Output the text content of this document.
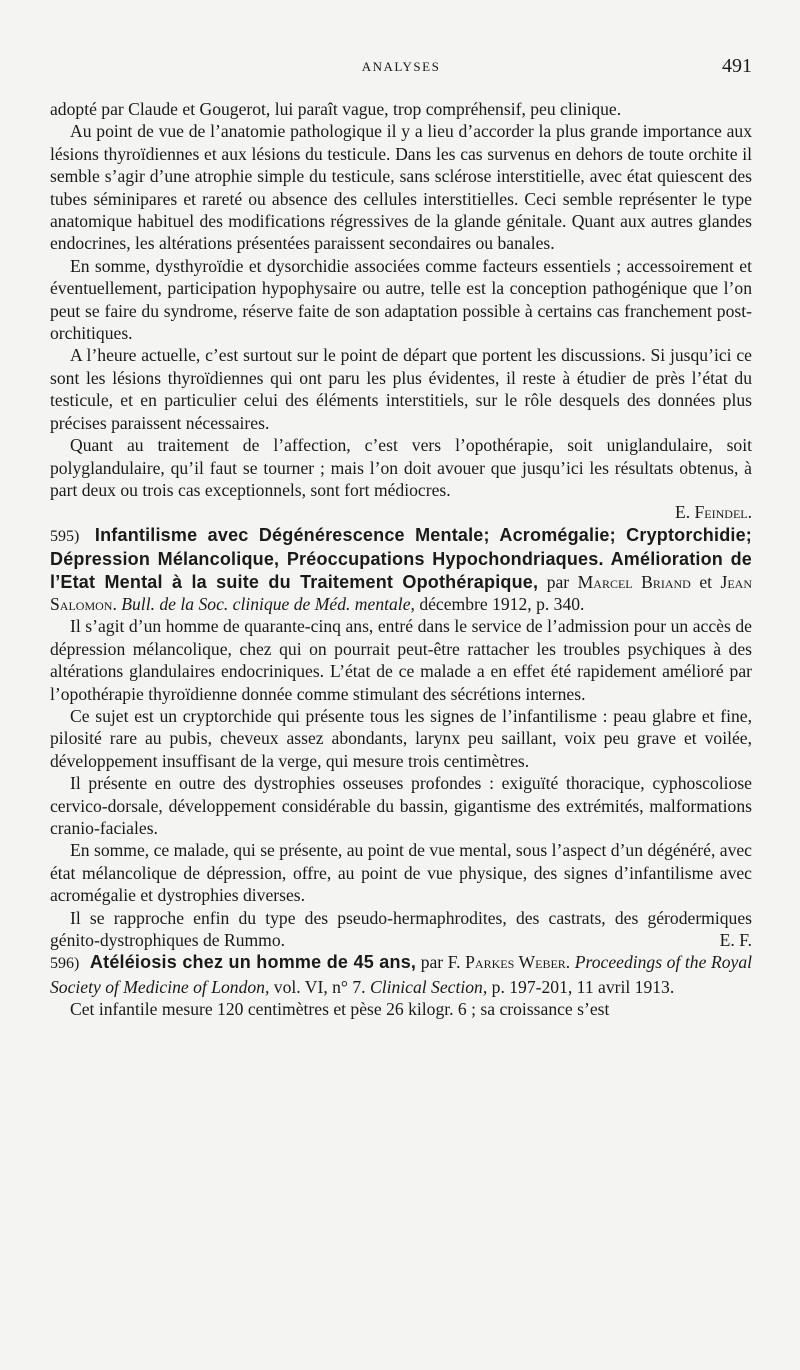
ANALYSES	491

adopté par Claude et Gougerot, lui paraît vague, trop compréhensif, peu clinique.

Au point de vue de l’anatomie pathologique il y a lieu d’accorder la plus grande importance aux lésions thyroïdiennes et aux lésions du testicule. Dans les cas survenus en dehors de toute orchite il semble s’agir d’une atrophie simple du testicule, sans sclérose interstitielle, avec état quiescent des tubes séminipares et rareté ou absence des cellules interstitielles. Ceci semble représenter le type anatomique habituel des modifications régressives de la glande génitale. Quant aux autres glandes endocrines, les altérations présentées paraissent secondaires ou banales.

En somme, dysthyroïdie et dysorchidie associées comme facteurs essentiels ; accessoirement et éventuellement, participation hypophysaire ou autre, telle est la conception pathogénique que l’on peut se faire du syndrome, réserve faite de son adaptation possible à certains cas franchement post-orchitiques.

A l’heure actuelle, c’est surtout sur le point de départ que portent les discussions. Si jusqu’ici ce sont les lésions thyroïdiennes qui ont paru les plus évidentes, il reste à étudier de près l’état du testicule, et en particulier celui des éléments interstitiels, sur le rôle desquels des données plus précises paraissent nécessaires.

Quant au traitement de l’affection, c’est vers l’opothérapie, soit uniglandulaire, soit polyglandulaire, qu’il faut se tourner ; mais l’on doit avouer que jusqu’ici les résultats obtenus, à part deux ou trois cas exceptionnels, sont fort médiocres.

E. Feindel.

595) Infantilisme avec Dégénérescence Mentale; Acromégalie; Cryptorchidie; Dépression Mélancolique, Préoccupations Hypochondriaques. Amélioration de l’Etat Mental à la suite du Traitement Opothérapique, par Marcel Briand et Jean Salomon. Bull. de la Soc. clinique de Méd. mentale, décembre 1912, p. 340.

Il s’agit d’un homme de quarante-cinq ans, entré dans le service de l’admission pour un accès de dépression mélancolique, chez qui on pourrait peut-être rattacher les troubles psychiques à des altérations glandulaires endocriniques. L’état de ce malade a en effet été rapidement amélioré par l’opothérapie thyroïdienne donnée comme stimulant des sécrétions internes.

Ce sujet est un cryptorchide qui présente tous les signes de l’infantilisme : peau glabre et fine, pilosité rare au pubis, cheveux assez abondants, larynx peu saillant, voix peu grave et voilée, développement insuffisant de la verge, qui mesure trois centimètres.

Il présente en outre des dystrophies osseuses profondes : exiguïté thoracique, cyphoscoliose cervico-dorsale, développement considérable du bassin, gigantisme des extrémités, malformations cranio-faciales.

En somme, ce malade, qui se présente, au point de vue mental, sous l’aspect d’un dégénéré, avec état mélancolique de dépression, offre, au point de vue physique, des signes d’infantilisme avec acromégalie et dystrophies diverses.

Il se rapproche enfin du type des pseudo-hermaphrodites, des castrats, des gérodermiques génito-dystrophiques de Rummo.	E. F.

596) Atéléiosis chez un homme de 45 ans, par F. Parkes Weber. Proceedings of the Royal Society of Medicine of London, vol. VI, n° 7. Clinical Section, p. 197-201, 11 avril 1913.

Cet infantile mesure 120 centimètres et pèse 26 kilogr. 6 ; sa croissance s’est
